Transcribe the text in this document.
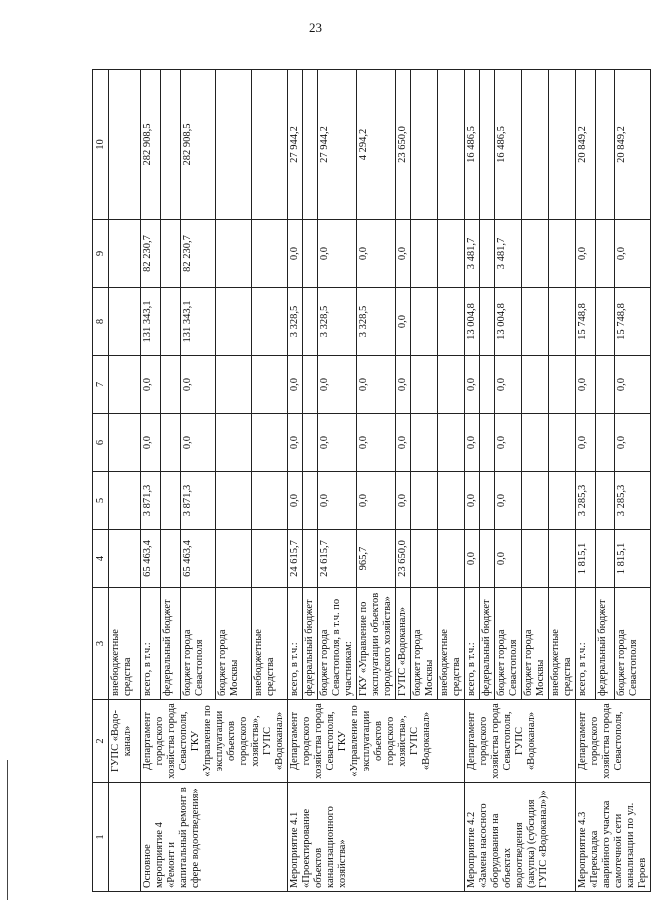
23
1	2	3	4	5	6	7	8	9	10

	ГУПС «Водо- канал»	внебюджетные средства							
Основное мероприятие 4 «Ремонт и капитальный ремонт в сфере водоотведения»	Департамент городского хозяйства города Севастополя, ГКУ «Управление по эксплуатации объектов городского хозяйства», ГУПС «Водоканал»	всего, в т.ч.:	65 463,4	3 871,3	0,0	0,0	131 343,1	82 230,7	282 908,5
		федеральный бюджет							
		бюджет города Севастополя	65 463,4	3 871,3	0,0	0,0	131 343,1	82 230,7	282 908,5
		бюджет города Москвы							
		внебюджетные средства							
Мероприятие 4.1 «Проектирование объектов канализационного хозяйства»	Департамент городского хозяйства города Севастополя, ГКУ «Управление по эксплуатации объектов городского хозяйства», ГУПС «Водоканал»	всего, в т.ч.:	24 615,7	0,0	0,0	0,0	3 328,5	0,0	27 944,2
		федеральный бюджет							
		бюджет города Севастополя, в т.ч. по участникам:	24 615,7	0,0	0,0	0,0	3 328,5	0,0	27 944,2
		ГКУ «Управление по эксплуатации объектов городского хозяйства»	965,7	0,0	0,0	0,0	3 328,5	0,0	4 294,2
		ГУПС «Водоканал»	23 650,0	0,0	0,0	0,0	0,0	0,0	23 650,0
		бюджет города Москвы							
		внебюджетные средства							
Мероприятие 4.2 «Замена насосного оборудования на объектах водоотведения (закупка) (субсидия ГУПС «Водоканал»)»	Департамент городского хозяйства города Севастополя, ГУПС «Водоканал»	всего, в т.ч.:	0,0	0,0	0,0	0,0	13 004,8	3 481,7	16 486,5
		федеральный бюджет							
		бюджет города Севастополя	0,0	0,0	0,0	0,0	13 004,8	3 481,7	16 486,5
		бюджет города Москвы							
		внебюджетные средства							
Мероприятие 4.3 «Перекладка аварийного участка самотечной сети канализации по ул. Героев	Департамент городского хозяйства города Севастополя,	всего, в т.ч.:	1 815,1	3 285,3	0,0	0,0	15 748,8	0,0	20 849,2
		федеральный бюджет							
		бюджет города Севастополя	1 815,1	3 285,3	0,0	0,0	15 748,8	0,0	20 849,2
